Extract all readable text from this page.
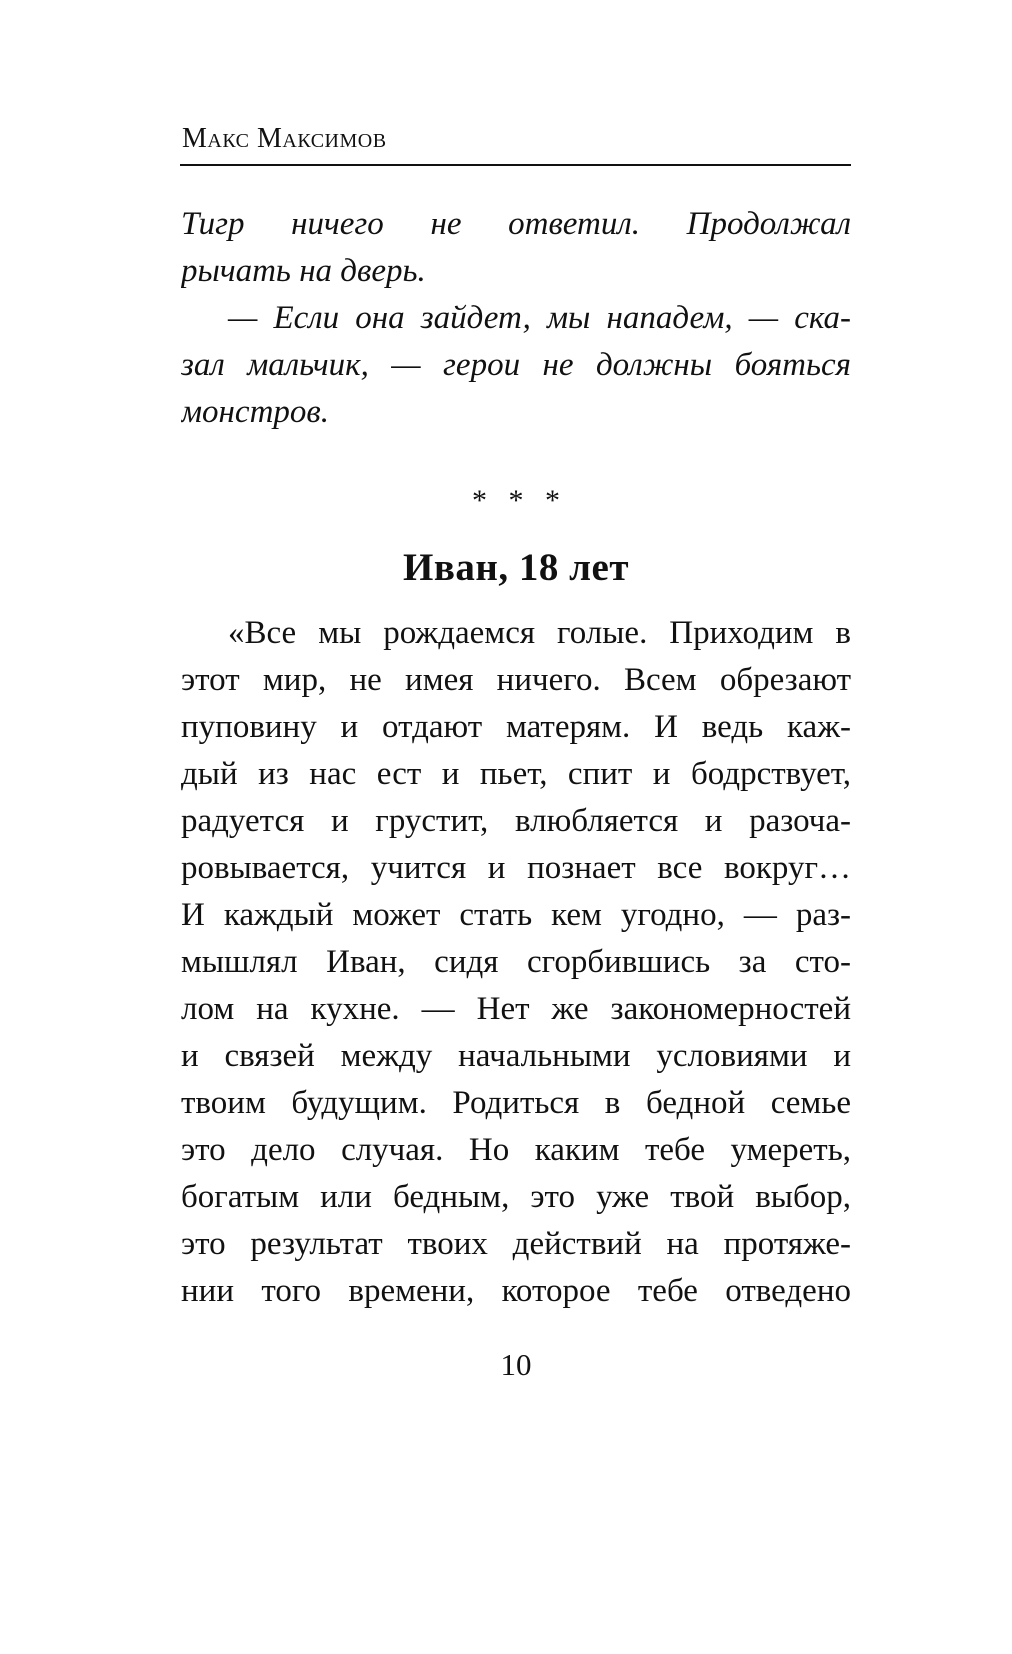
Макс Максимов
Тигр ничего не ответил. Продолжал
рычать на дверь.
— Если она зайдет, мы нападем, — ска-
зал мальчик, — герои не должны бояться
монстров.
* * *
Иван, 18 лет
«Все мы рождаемся голые. Приходим в
этот мир, не имея ничего. Всем обрезают
пуповину и отдают матерям. И ведь каж-
дый из нас ест и пьет, спит и бодрствует,
радуется и грустит, влюбляется и разоча-
ровывается, учится и познает все вокруг…
И каждый может стать кем угодно, — раз-
мышлял Иван, сидя сгорбившись за сто-
лом на кухне. — Нет же закономерностей
и связей между начальными условиями и
твоим будущим. Родиться в бедной семье
это дело случая. Но каким тебе умереть,
богатым или бедным, это уже твой выбор,
это результат твоих действий на протяже-
нии того времени, которое тебе отведено
10
